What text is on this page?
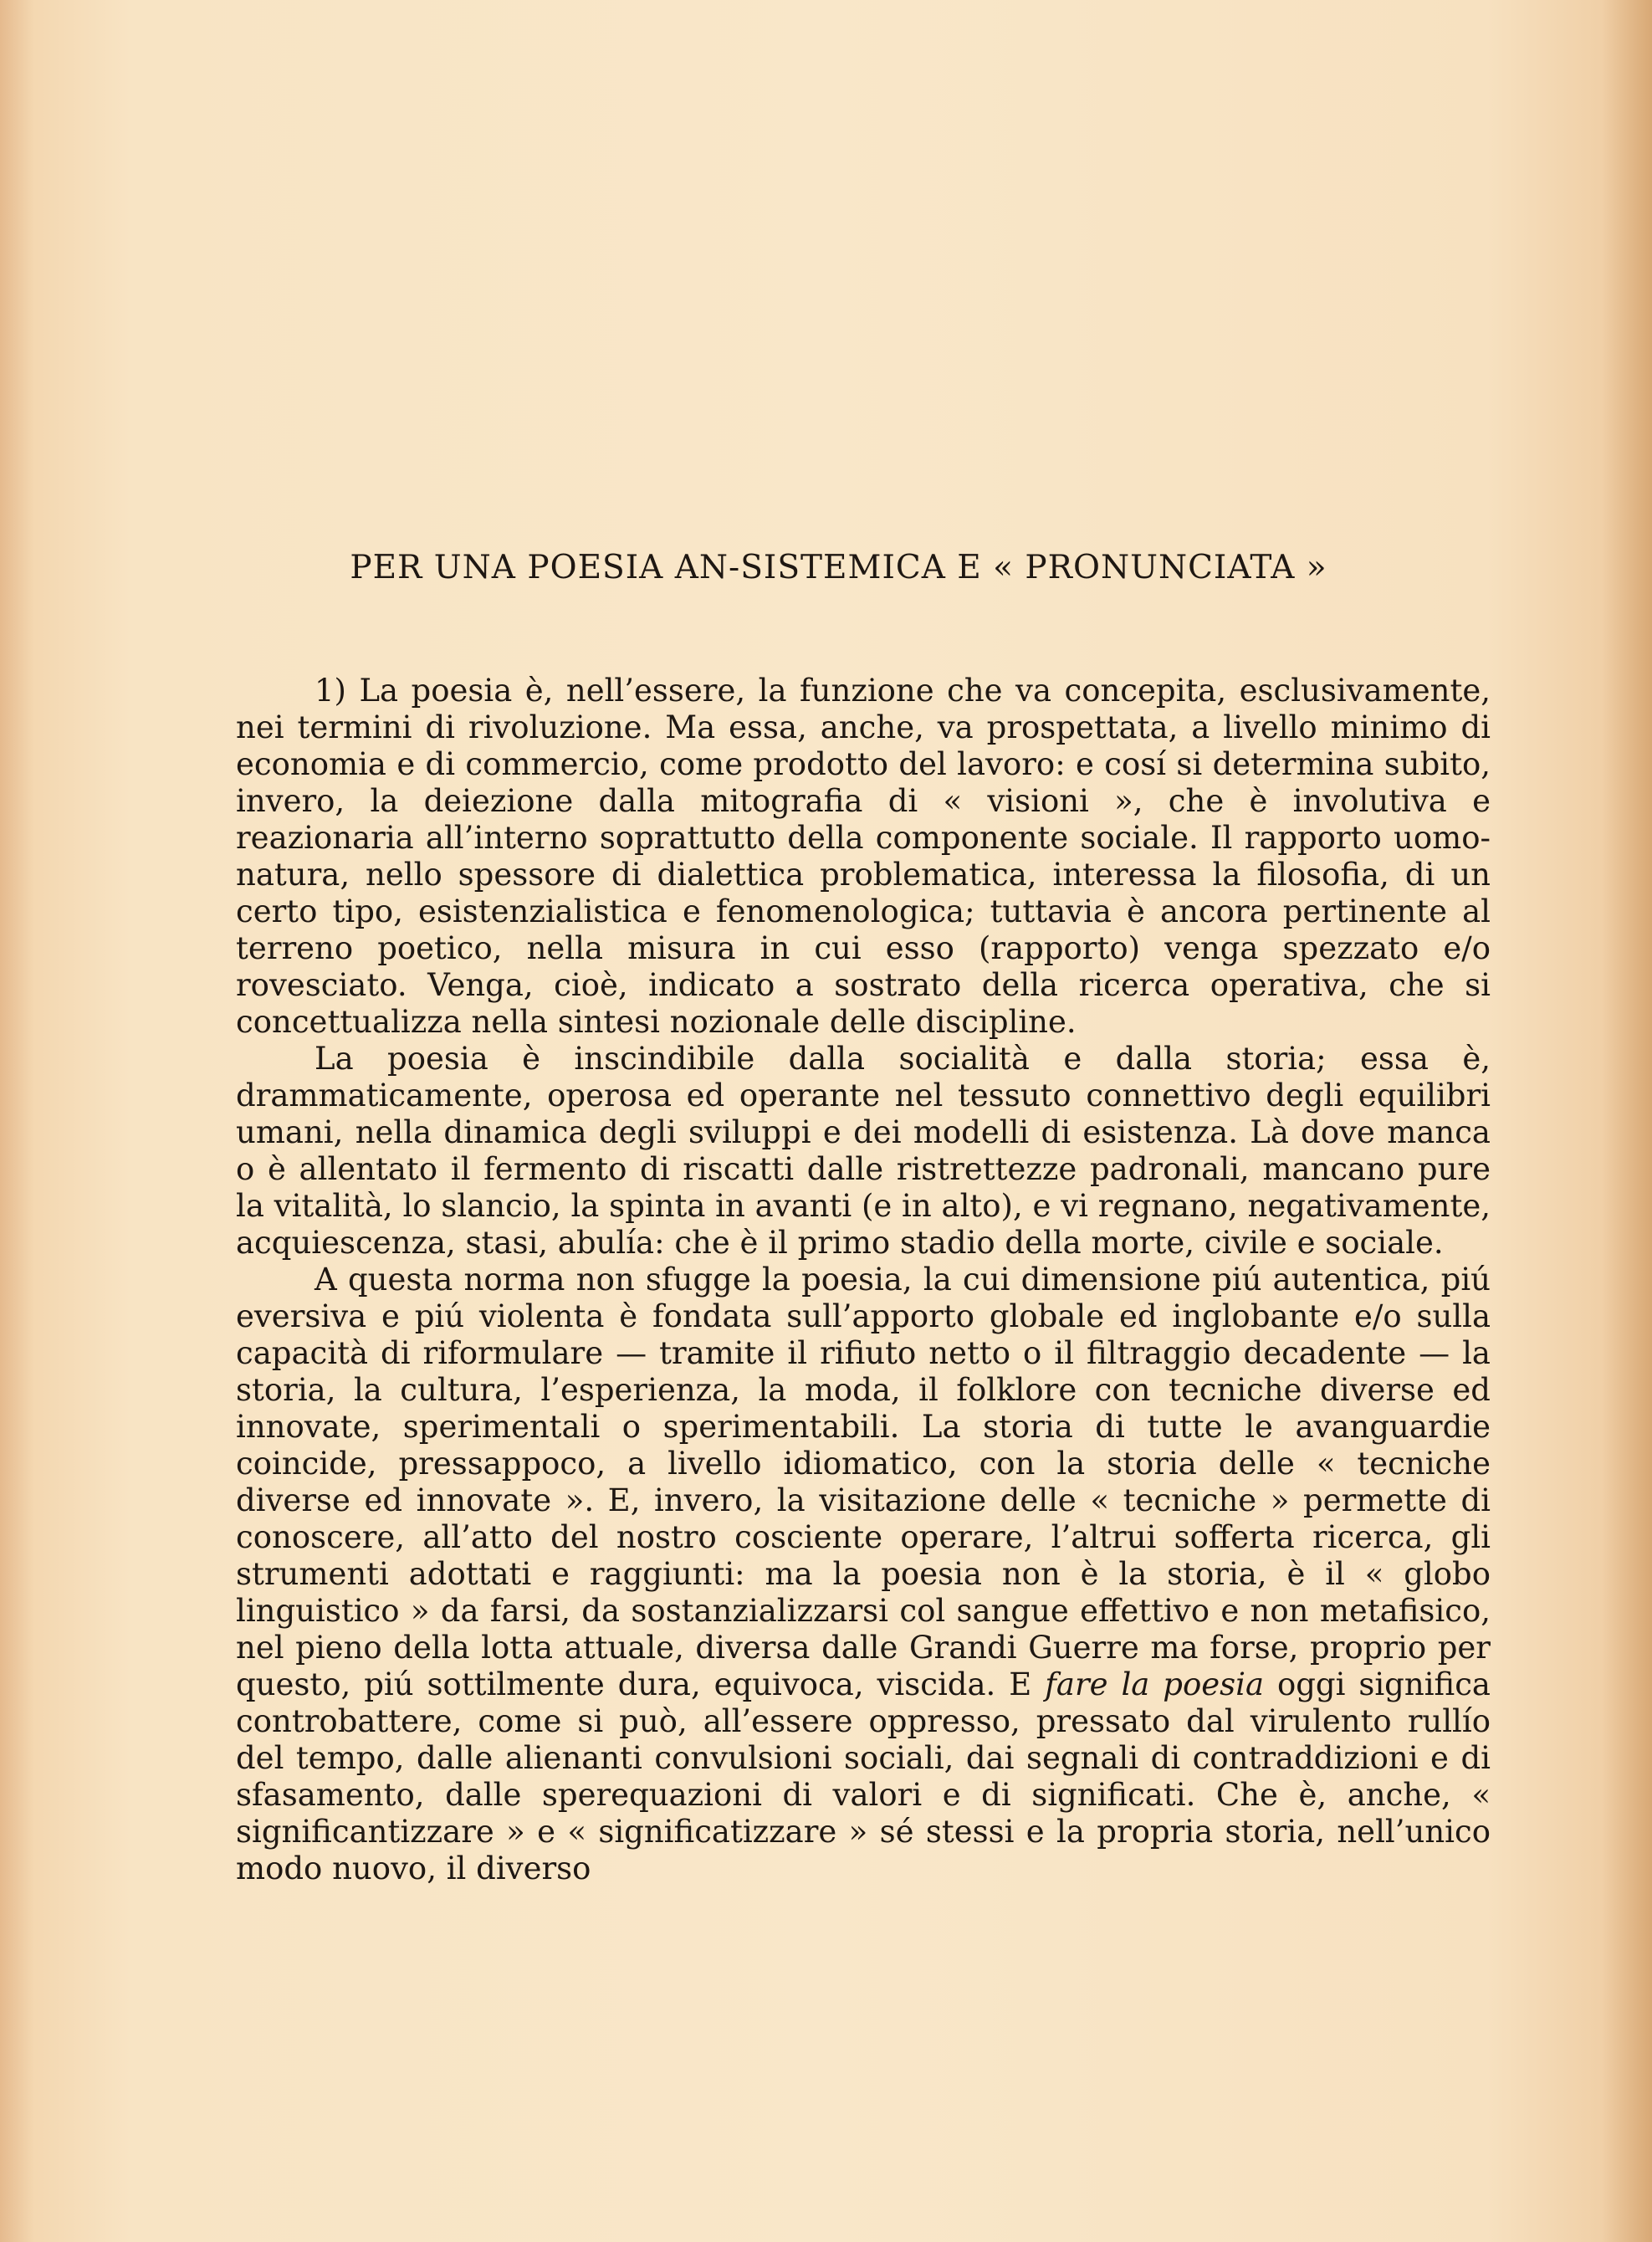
PER UNA POESIA AN-SISTEMICA E « PRONUNCIATA »

1) La poesia è, nell’essere, la funzione che va concepita, esclusivamente, nei termini di rivoluzione. Ma essa, anche, va prospettata, a livello minimo di economia e di commercio, come prodotto del lavoro: e cosí si determina subito, invero, la deiezione dalla mitografia di « visioni », che è involutiva e reazionaria all’interno soprattutto della componente sociale. Il rapporto uomo-natura, nello spessore di dialettica problematica, interessa la filosofia, di un certo tipo, esistenzialistica e fenomenologica; tuttavia è ancora pertinente al terreno poetico, nella misura in cui esso (rapporto) venga spezzato e/o rovesciato. Venga, cioè, indicato a sostrato della ricerca operativa, che si concettualizza nella sintesi nozionale delle discipline.

La poesia è inscindibile dalla socialità e dalla storia; essa è, drammaticamente, operosa ed operante nel tessuto connettivo degli equilibri umani, nella dinamica degli sviluppi e dei modelli di esistenza. Là dove manca o è allentato il fermento di riscatti dalle ristrettezze padronali, mancano pure la vitalità, lo slancio, la spinta in avanti (e in alto), e vi regnano, negativamente, acquiescenza, stasi, abulía: che è il primo stadio della morte, civile e sociale.

A questa norma non sfugge la poesia, la cui dimensione piú autentica, piú eversiva e piú violenta è fondata sull’apporto globale ed inglobante e/o sulla capacità di riformulare — tramite il rifiuto netto o il filtraggio decadente — la storia, la cultura, l’esperienza, la moda, il folklore con tecniche diverse ed innovate, sperimentali o sperimentabili. La storia di tutte le avanguardie coincide, pressappoco, a livello idiomatico, con la storia delle « tecniche diverse ed innovate ». E, invero, la visitazione delle « tecniche » permette di conoscere, all’atto del nostro cosciente operare, l’altrui sofferta ricerca, gli strumenti adottati e raggiunti: ma la poesia non è la storia, è il « globo linguistico » da farsi, da sostanzializzarsi col sangue effettivo e non metafisico, nel pieno della lotta attuale, diversa dalle Grandi Guerre ma forse, proprio per questo, piú sottilmente dura, equivoca, viscida. E fare la poesia oggi significa controbattere, come si può, all’essere oppresso, pressato dal virulento rullío del tempo, dalle alienanti convulsioni sociali, dai segnali di contraddizioni e di sfasamento, dalle sperequazioni di valori e di significati. Che è, anche, « significantizzare » e « significatizzare » sé stessi e la propria storia, nell’unico modo nuovo, il diverso
